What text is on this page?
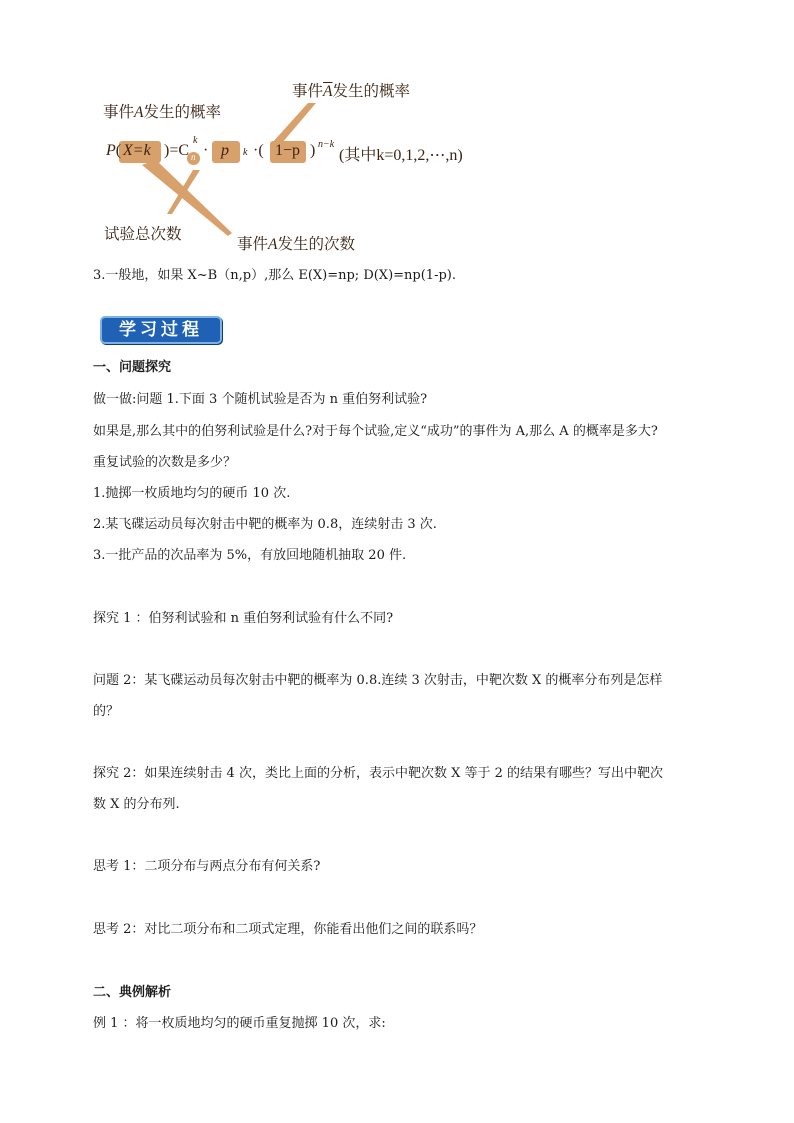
事件A发生的概率
事件$\overline{A}$发生的概率
试验总次数
事件A发生的次数
P( X=k )=C
k
n · p k ·( 1−p ) n−k
(其中k=0,1,2,⋯,n)
3.一般地，如果 X~B（n,p）,那么 E(X)=np; D(X)=np(1-p).
学习过程
一、问题探究
做一做:问题 1.下面 3 个随机试验是否为 n 重伯努利试验?
如果是,那么其中的伯努利试验是什么?对于每个试验,定义“成功”的事件为 A,那么 A 的概率是多大?
重复试验的次数是多少？
1.抛掷一枚质地均匀的硬币 10 次.
2.某飞碟运动员每次射击中靶的概率为 0.8，连续射击 3 次.
3.一批产品的次品率为 5%，有放回地随机抽取 20 件.
探究 1 ：伯努利试验和 n 重伯努利试验有什么不同?
问题 2：某飞碟运动员每次射击中靶的概率为 0.8.连续 3 次射击，中靶次数 X 的概率分布列是怎样
的？
探究 2：如果连续射击 4 次，类比上面的分析，表示中靶次数 X 等于 2 的结果有哪些？写出中靶次
数 X 的分布列.
思考 1：二项分布与两点分布有何关系?
思考 2：对比二项分布和二项式定理，你能看出他们之间的联系吗？
二、典例解析
例 1 ：将一枚质地均匀的硬币重复抛掷 10 次，求:
